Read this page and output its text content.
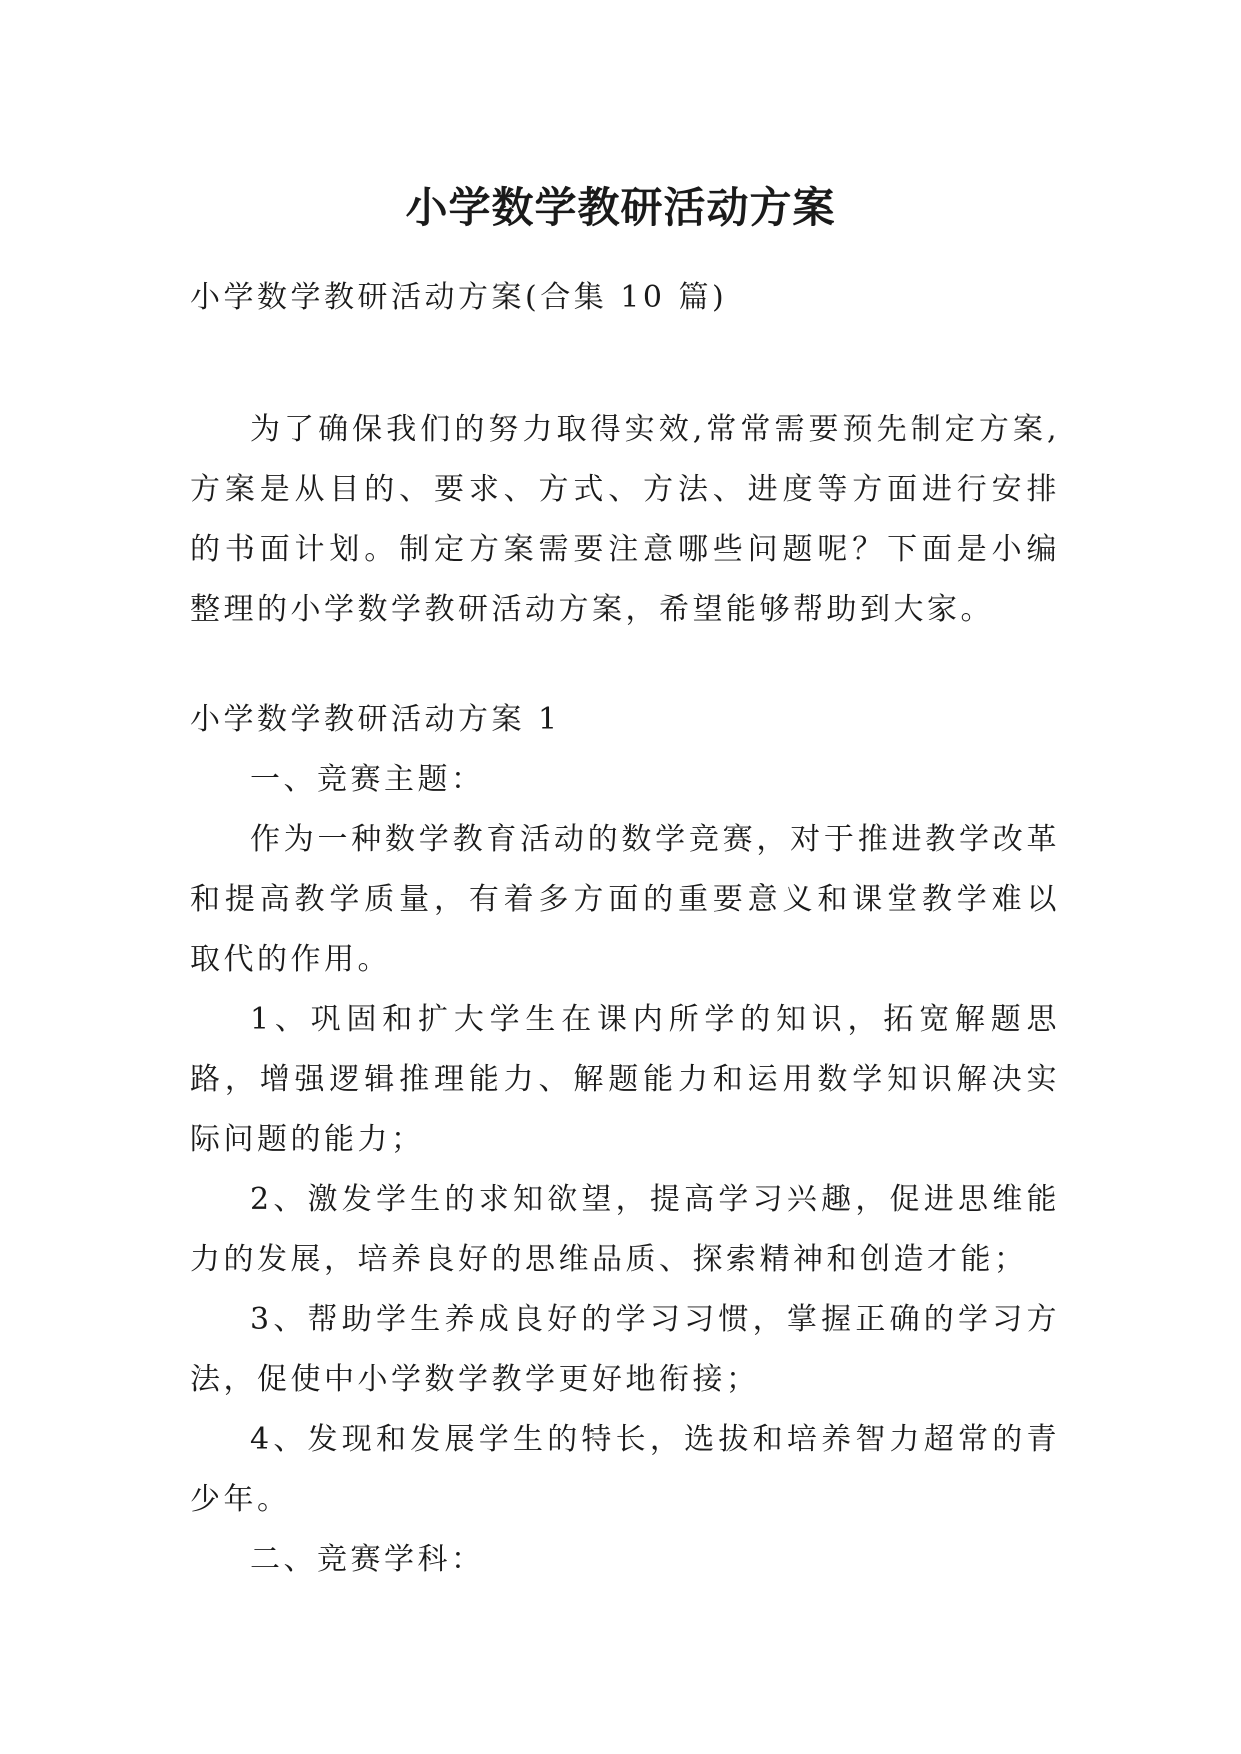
小学数学教研活动方案
小学数学教研活动方案(合集 10 篇)

为了确保我们的努力取得实效,常常需要预先制定方案,方案是从目的、要求、方式、方法、进度等方面进行安排的书面计划。制定方案需要注意哪些问题呢？下面是小编整理的小学数学教研活动方案，希望能够帮助到大家。

小学数学教研活动方案 1

一、竞赛主题：

作为一种数学教育活动的数学竞赛，对于推进教学改革和提高教学质量，有着多方面的重要意义和课堂教学难以取代的作用。

1、巩固和扩大学生在课内所学的知识，拓宽解题思路，增强逻辑推理能力、解题能力和运用数学知识解决实际问题的能力；

2、激发学生的求知欲望，提高学习兴趣，促进思维能力的发展，培养良好的思维品质、探索精神和创造才能；

3、帮助学生养成良好的学习习惯，掌握正确的学习方法，促使中小学数学教学更好地衔接；

4、发现和发展学生的特长，选拔和培养智力超常的青少年。

二、竞赛学科：
